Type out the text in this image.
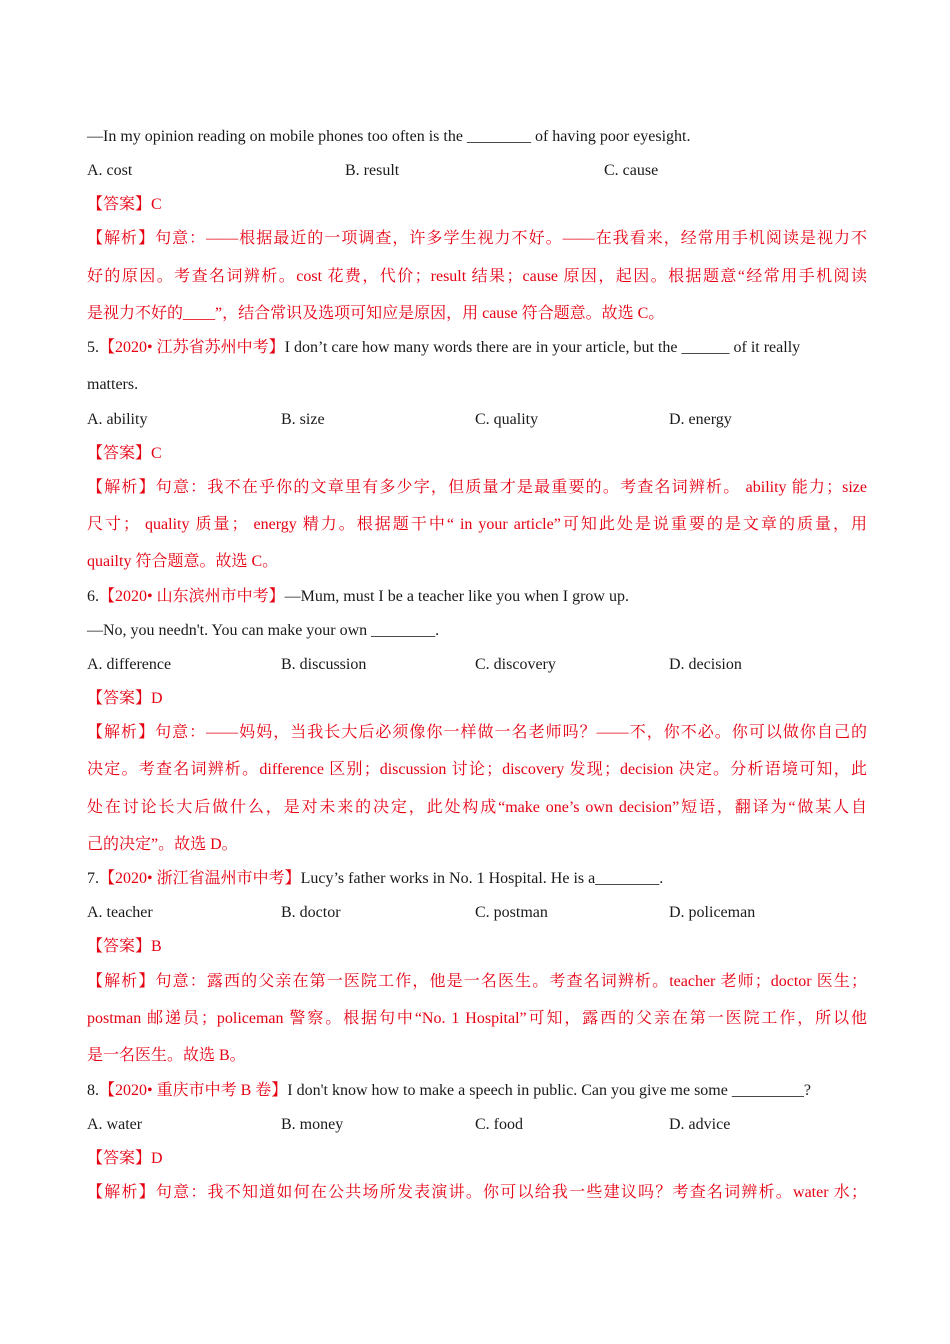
—In my opinion reading on mobile phones too often is the ________ of having poor eyesight.
A. cost	B. result	C. cause
【答案】C
【解析】句意：——根据最近的一项调查，许多学生视力不好。——在我看来，经常用手机阅读是视力不
好的原因。考查名词辨析。cost 花费，代价；result 结果；cause 原因，起因。根据题意“经常用手机阅读
是视力不好的____”，结合常识及选项可知应是原因，用 cause 符合题意。故选 C。
5.【2020• 江苏省苏州中考】I don’t care how many words there are in your article, but the ______ of it really
matters.
A. ability	B. size	C. quality	D. energy
【答案】C
【解析】句意：我不在乎你的文章里有多少字，但质量才是最重要的。考查名词辨析。 ability 能力；size
尺寸； quality 质量； energy 精力。根据题干中“ in your article”可知此处是说重要的是文章的质量，用
quailty 符合题意。故选 C。
6.【2020• 山东滨州市中考】—Mum, must I be a teacher like you when I grow up.
—No, you needn't. You can make your own ________.
A. difference	B. discussion	C. discovery	D. decision
【答案】D
【解析】句意：——妈妈，当我长大后必须像你一样做一名老师吗？——不，你不必。你可以做你自己的
决定。考查名词辨析。difference 区别；discussion 讨论；discovery 发现；decision 决定。分析语境可知，此
处在讨论长大后做什么，是对未来的决定，此处构成“make one’s own decision”短语，翻译为“做某人自
己的决定”。故选 D。
7.【2020• 浙江省温州市中考】Lucy’s father works in No. 1 Hospital. He is a________.
A. teacher	B. doctor	C. postman	D. policeman
【答案】B
【解析】句意：露西的父亲在第一医院工作，他是一名医生。考查名词辨析。teacher 老师；doctor 医生；
postman 邮递员；policeman 警察。根据句中“No. 1 Hospital”可知，露西的父亲在第一医院工作，所以他
是一名医生。故选 B。
8.【2020• 重庆市中考 B 卷】I don't know how to make a speech in public. Can you give me some _________?
A. water	B. money	C. food	D. advice
【答案】D
【解析】句意：我不知道如何在公共场所发表演讲。你可以给我一些建议吗？考查名词辨析。water 水；
